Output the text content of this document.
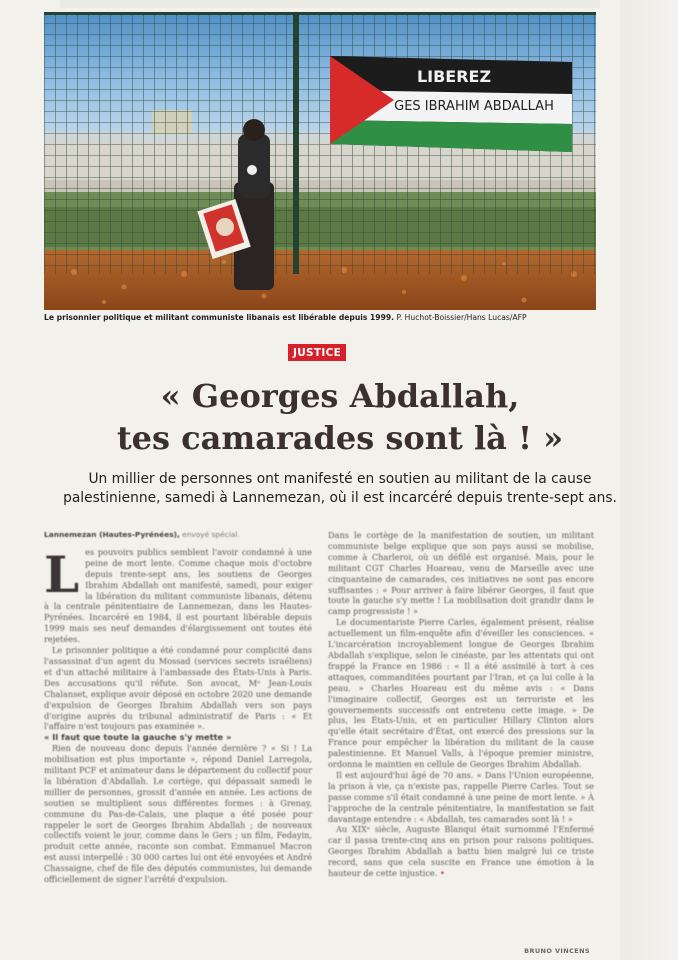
LIBEREZ
GES IBRAHIM ABDALLAH
Le prisonnier politique et militant communiste libanais est libérable depuis 1999. P. Huchot-Boissier/Hans Lucas/AFP
JUSTICE
« Georges Abdallah,
tes camarades sont là ! »
Un millier de personnes ont manifesté en soutien au militant de la cause
palestinienne, samedi à Lannemezan, où il est incarcéré depuis trente-sept ans.
Lannemezan (Hautes-Pyrénées), envoyé spécial.
L es pouvoirs publics semblent l'avoir condamné à une peine de mort lente. Comme chaque mois d'octobre depuis trente-sept ans, les soutiens de Georges Ibrahim Abdallah ont manifesté, samedi, pour exiger la libération du militant communiste libanais, détenu à la centrale pénitentiaire de Lannemezan, dans les Hautes-Pyrénées. Incarcéré en 1984, il est pourtant libérable depuis 1999 mais ses neuf demandes d'élargissement ont toutes été rejetées.

Le prisonnier politique a été condamné pour complicité dans l'assassinat d'un agent du Mossad (services secrets israéliens) et d'un attaché militaire à l'ambassade des États-Unis à Paris. Des accusations qu'il réfute. Son avocat, Mᵉ Jean-Louis Chalanset, explique avoir déposé en octobre 2020 une demande d'expulsion de Georges Ibrahim Abdallah vers son pays d'origine auprès du tribunal administratif de Paris : « Et l'affaire n'est toujours pas examinée ».

« Il faut que toute la gauche s'y mette »

Rien de nouveau donc depuis l'année dernière ? « Si ! La mobilisation est plus importante », répond Daniel Larregola, militant PCF et animateur dans le département du collectif pour la libération d'Abdallah. Le cortège, qui dépassait samedi le millier de personnes, grossit d'année en année. Les actions de soutien se multiplient sous différentes formes : à Grenay, commune du Pas-de-Calais, une plaque a été posée pour rappeler le sort de Georges Ibrahim Abdallah ; de nouveaux collectifs voient le jour, comme dans le Gers ; un film, Fedayin, produit cette année, raconte son combat. Emmanuel Macron est aussi interpellé : 30 000 cartes lui ont été envoyées et André Chassaigne, chef de file des députés communistes, lui demande officiellement de signer l'arrêté d'expulsion.

Dans le cortège de la manifestation de soutien, un militant communiste belge explique que son pays aussi se mobilise, comme à Charleroi, où un défilé est organisé. Mais, pour le militant CGT Charles Hoareau, venu de Marseille avec une cinquantaine de camarades, ces initiatives ne sont pas encore suffisantes : « Pour arriver à faire libérer Georges, il faut que toute la gauche s'y mette ! La mobilisation doit grandir dans le camp progressiste ! »

Le documentariste Pierre Carles, également présent, réalise actuellement un film-enquête afin d'éveiller les consciences. « L'incarcération incroyablement longue de Georges Ibrahim Abdallah s'explique, selon le cinéaste, par les attentats qui ont frappé la France en 1986 : « Il a été assimilé à tort à ces attaques, commanditées pourtant par l'Iran, et ça lui colle à la peau. » Charles Hoareau est du même avis : « Dans l'imaginaire collectif, Georges est un terroriste et les gouvernements successifs ont entretenu cette image. » De plus, les États-Unis, et en particulier Hillary Clinton alors qu'elle était secrétaire d'État, ont exercé des pressions sur la France pour empêcher la libération du militant de la cause palestinienne. Et Manuel Valls, à l'époque premier ministre, ordonna le maintien en cellule de Georges Ibrahim Abdallah.

Il est aujourd'hui âgé de 70 ans. « Dans l'Union européenne, la prison à vie, ça n'existe pas, rappelle Pierre Carles. Tout se passe comme s'il était condamné à une peine de mort lente. » À l'approche de la centrale pénitentiaire, la manifestation se fait davantage entendre : « Abdallah, tes camarades sont là ! »

Au XIXᵉ siècle, Auguste Blanqui était surnommé l'Enfermé car il passa trente-cinq ans en prison pour raisons politiques. Georges Ibrahim Abdallah a battu bien malgré lui ce triste record, sans que cela suscite en France une émotion à la hauteur de cette injustice. •

BRUNO VINCENS
